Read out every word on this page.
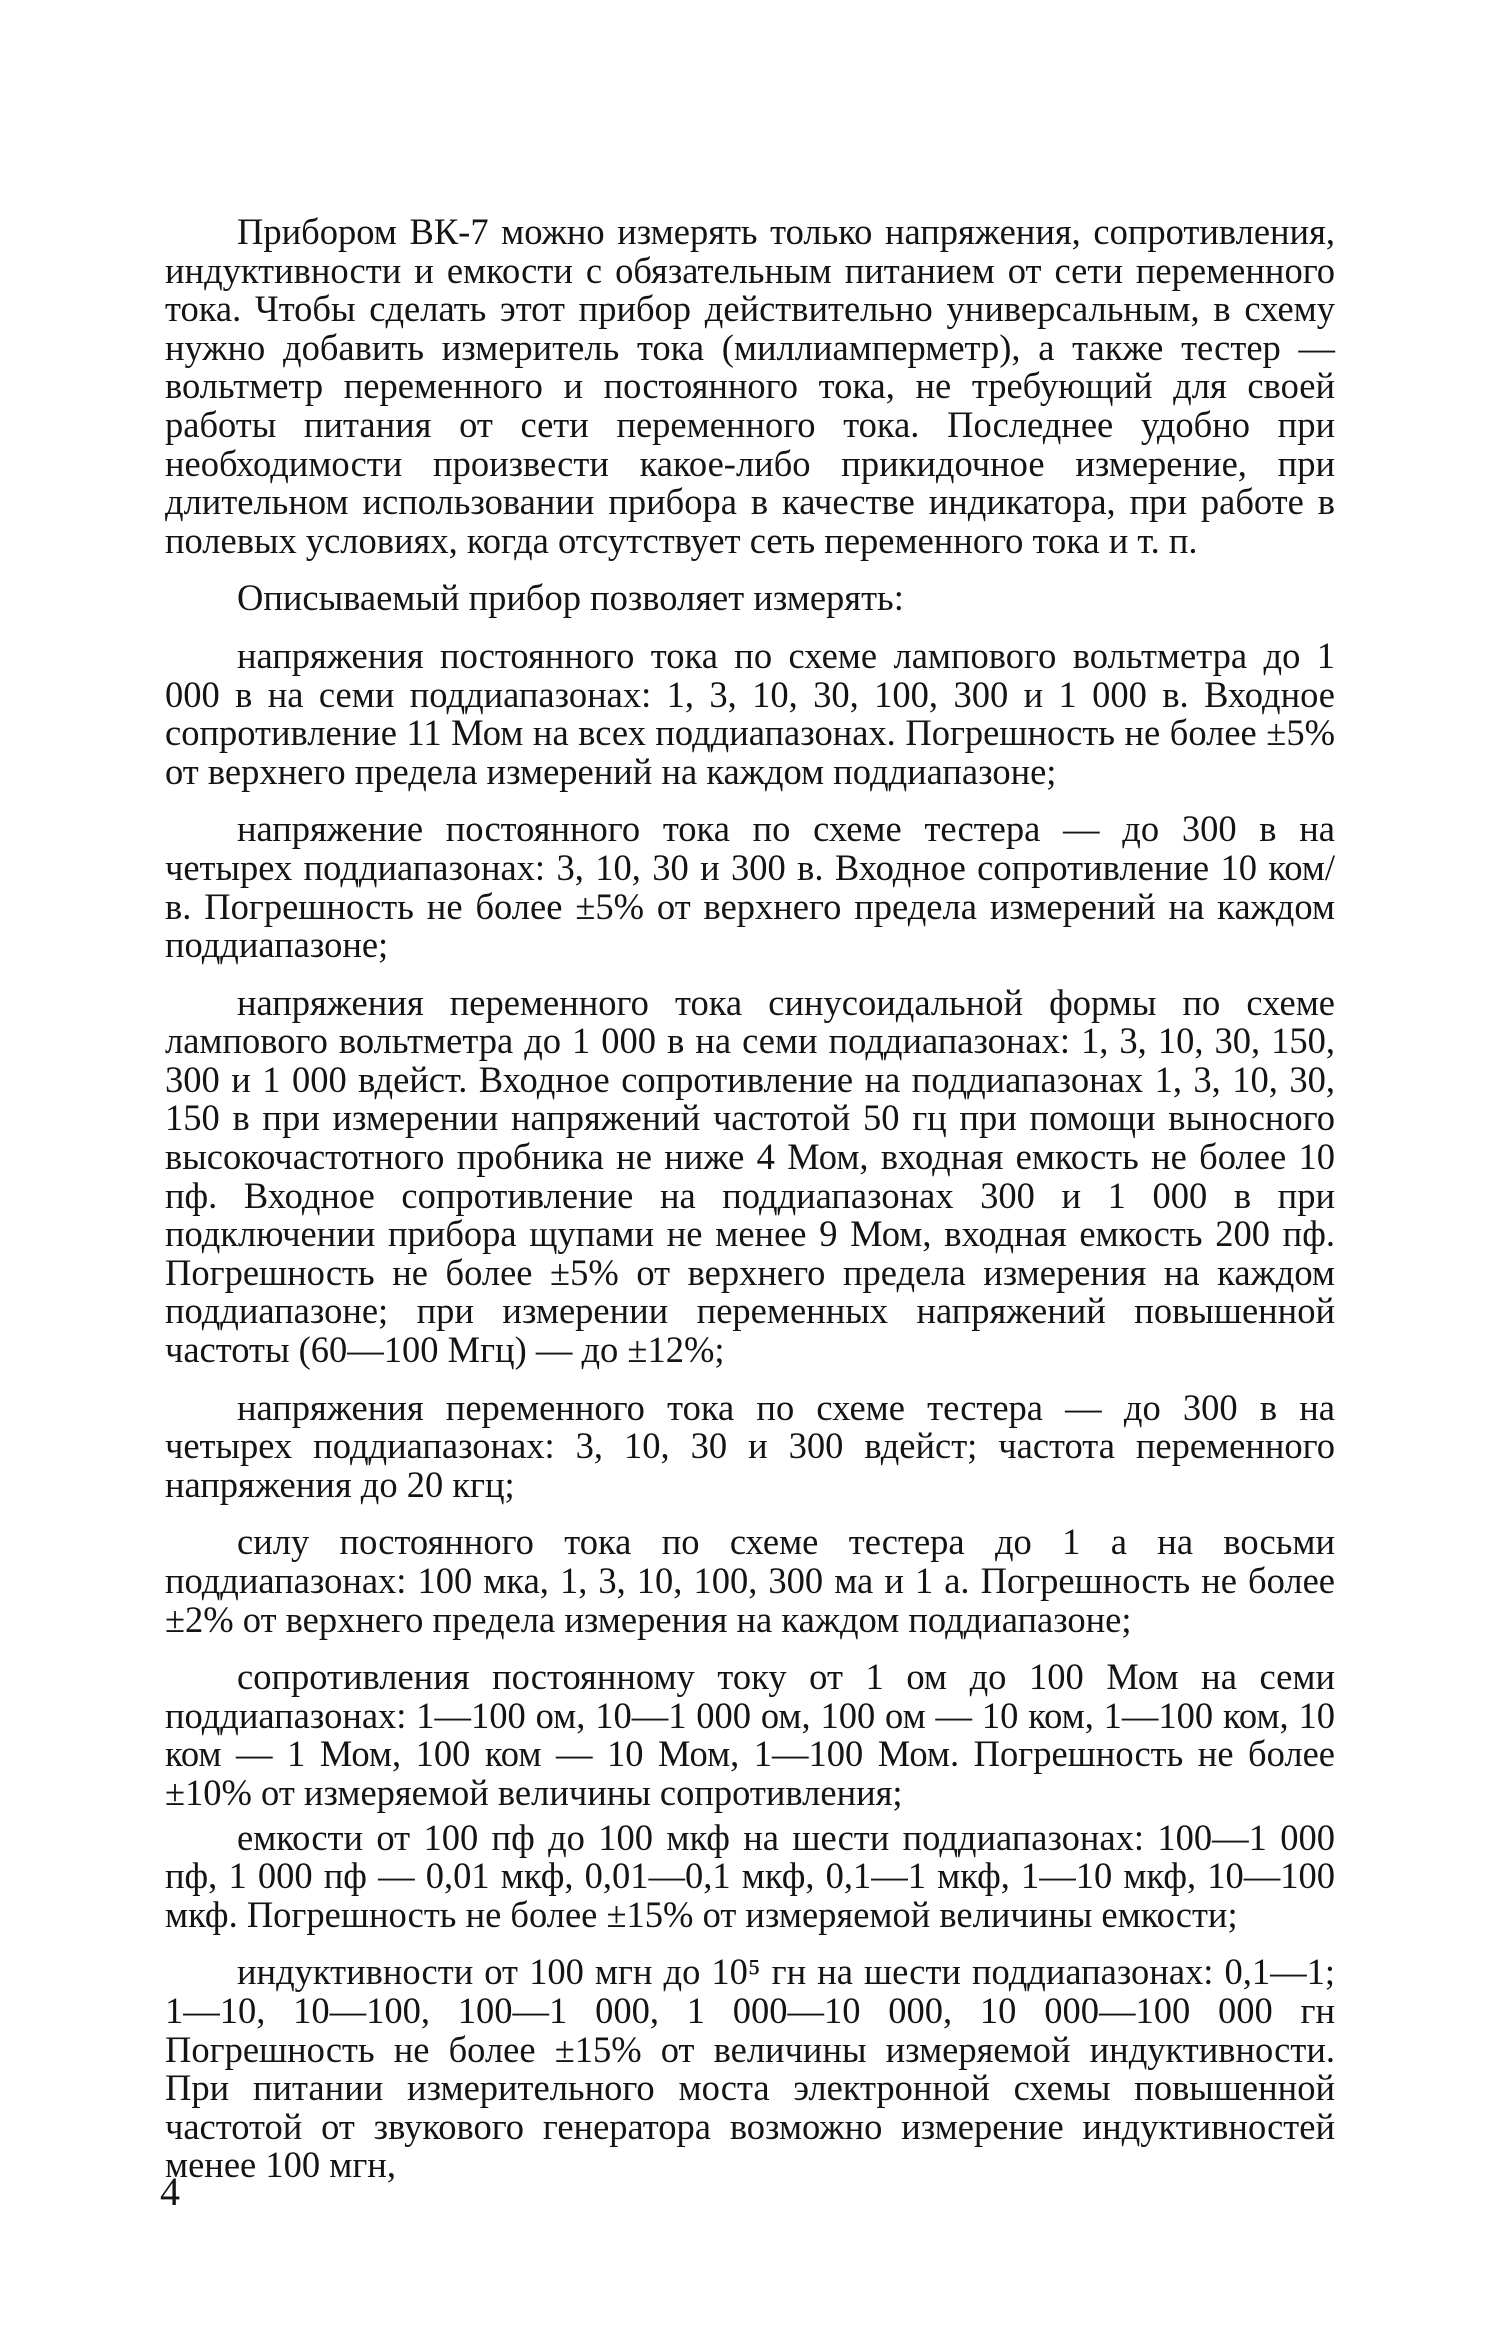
Прибором ВК-7 можно измерять только напряжения, сопротивления, индуктивности и емкости с обязательным питанием от сети переменного тока. Чтобы сделать этот прибор действительно универсальным, в схему нужно добавить измеритель тока (миллиамперметр), а также тестер — вольтметр переменного и постоянного тока, не требующий для своей работы питания от сети переменного тока. Последнее удобно при необходимости произвести какое-либо прикидочное измерение, при длительном использовании прибора в качестве индикатора, при работе в полевых условиях, когда отсутствует сеть переменного тока и т. п.

Описываемый прибор позволяет измерять:

напряжения постоянного тока по схеме лампового вольтметра до 1 000 в на семи поддиапазонах: 1, 3, 10, 30, 100, 300 и 1 000 в. Входное сопротивление 11 Мом на всех поддиапазонах. Погрешность не более ±5% от верхнего предела измерений на каждом поддиапазоне;

напряжение постоянного тока по схеме тестера — до 300 в на четырех поддиапазонах: 3, 10, 30 и 300 в. Входное сопротивление 10 ком/в. Погрешность не более ±5% от верхнего предела измерений на каждом поддиапазоне;

напряжения переменного тока синусоидальной формы по схеме лампового вольтметра до 1 000 в на семи поддиапазонах: 1, 3, 10, 30, 150, 300 и 1 000 вдейст. Входное сопротивление на поддиапазонах 1, 3, 10, 30, 150 в при измерении напряжений частотой 50 гц при помощи выносного высокочастотного пробника не ниже 4 Мом, входная емкость не более 10 пф. Входное сопротивление на поддиапазонах 300 и 1 000 в при подключении прибора щупами не менее 9 Мом, входная емкость 200 пф. Погрешность не более ±5% от верхнего предела измерения на каждом поддиапазоне; при измерении переменных напряжений повышенной частоты (60—100 Мгц) — до ±12%;

напряжения переменного тока по схеме тестера — до 300 в на четырех поддиапазонах: 3, 10, 30 и 300 вдейст; частота переменного напряжения до 20 кгц;

силу постоянного тока по схеме тестера до 1 а на восьми поддиапазонах: 100 мка, 1, 3, 10, 100, 300 ма и 1 а. Погрешность не более ±2% от верхнего предела измерения на каждом поддиапазоне;

сопротивления постоянному току от 1 ом до 100 Мом на семи поддиапазонах: 1—100 ом, 10—1 000 ом, 100 ом — 10 ком, 1—100 ком, 10 ком — 1 Мом, 100 ком — 10 Мом, 1—100 Мом. Погрешность не более ±10% от измеряемой величины сопротивления;

емкости от 100 пф до 100 мкф на шести поддиапазонах: 100—1 000 пф, 1 000 пф — 0,01 мкф, 0,01—0,1 мкф, 0,1—1 мкф, 1—10 мкф, 10—100 мкф. Погрешность не более ±15% от измеряемой величины емкости;

индуктивности от 100 мгн до 10⁵ гн на шести поддиапазонах: 0,1—1; 1—10, 10—100, 100—1 000, 1 000—10 000, 10 000—100 000 гн Погрешность не более ±15% от величины измеряемой индуктивности. При питании измерительного моста электронной схемы повышенной частотой от звукового генератора возможно измерение индуктивностей менее 100 мгн,

4
